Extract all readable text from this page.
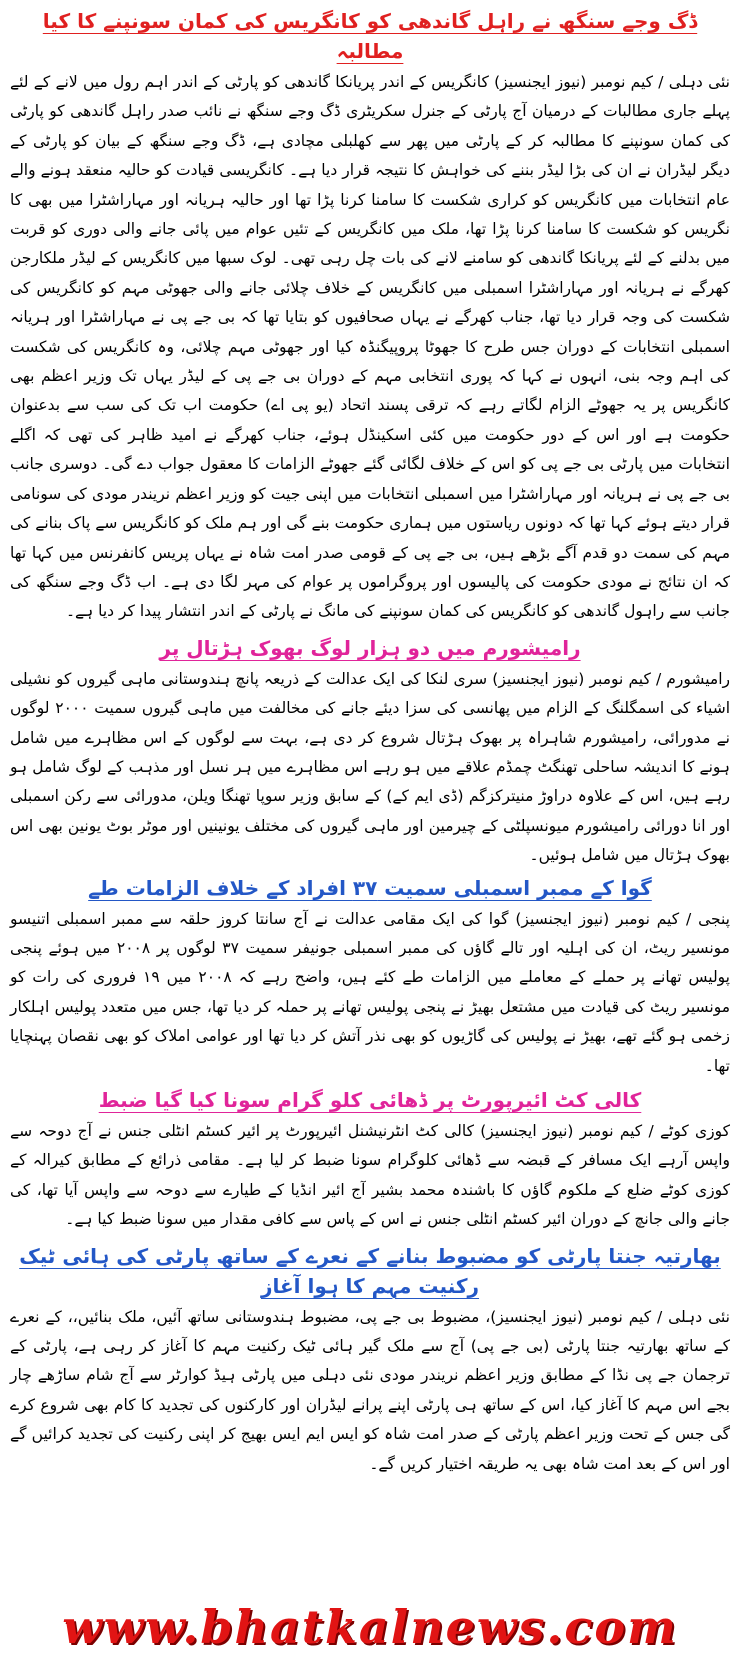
ڈگ وجے سنگھ نے راہل گاندھی کو کانگریس کی کمان سونپنے کا کیا مطالبہ

نئی دہلی / کیم نومبر (نیوز ایجنسیز) کانگریس کے اندر پریانکا گاندھی کو پارٹی کے اندر اہم رول میں لانے کے لئے پہلے جاری مطالبات کے درمیان آج پارٹی کے جنرل سکریٹری ڈگ وجے سنگھ نے نائب صدر راہل گاندھی کو پارٹی کی کمان سونپنے کا مطالبہ کر کے پارٹی میں پھر سے کھلبلی مچادی ہے، ڈگ وجے سنگھ کے بیان کو پارٹی کے دیگر لیڈران نے ان کی بڑا لیڈر بننے کی خواہش کا نتیجہ قرار دیا ہے۔ کانگریسی قیادت کو حالیہ منعقد ہونے والے عام انتخابات میں کانگریس کو کراری شکست کا سامنا کرنا پڑا تھا اور حالیہ ہریانہ اور مہاراشٹرا میں بھی کا نگریس کو شکست کا سامنا کرنا پڑا تھا، ملک میں کانگریس کے تئیں عوام میں پائی جانے والی دوری کو قربت میں بدلنے کے لئے پریانکا گاندھی کو سامنے لانے کی بات چل رہی تھی۔ لوک سبھا میں کانگریس کے لیڈر ملکارجن کھرگے نے ہریانہ اور مہاراشٹرا اسمبلی میں کانگریس کے خلاف چلائی جانے والی جھوٹی مہم کو کانگریس کی شکست کی وجہ قرار دیا تھا، جناب کھرگے نے یہاں صحافیوں کو بتایا تھا کہ بی جے پی نے مہاراشٹرا اور ہریانہ اسمبلی انتخابات کے دوران جس طرح کا جھوٹا پروپیگنڈہ کیا اور جھوٹی مہم چلائی، وہ کانگریس کی شکست کی اہم وجہ بنی، انہوں نے کہا کہ پوری انتخابی مہم کے دوران بی جے پی کے لیڈر یہاں تک وزیر اعظم بھی کانگریس پر یہ جھوٹے الزام لگاتے رہے کہ ترقی پسند اتحاد (یو پی اے) حکومت اب تک کی سب سے بدعنوان حکومت ہے اور اس کے دور حکومت میں کئی اسکینڈل ہوئے، جناب کھرگے نے امید ظاہر کی تھی کہ اگلے انتخابات میں پارٹی بی جے پی کو اس کے خلاف لگائی گئے جھوٹے الزامات کا معقول جواب دے گی۔ دوسری جانب بی جے پی نے ہریانہ اور مہاراشٹرا میں اسمبلی انتخابات میں اپنی جیت کو وزیر اعظم نریندر مودی کی سونامی قرار دیتے ہوئے کہا تھا کہ دونوں ریاستوں میں ہماری حکومت بنے گی اور ہم ملک کو کانگریس سے پاک بنانے کی مہم کی سمت دو قدم آگے بڑھے ہیں، بی جے پی کے قومی صدر امت شاہ نے یہاں پریس کانفرنس میں کہا تھا کہ ان نتائج نے مودی حکومت کی پالیسوں اور پروگراموں پر عوام کی مہر لگا دی ہے۔ اب ڈگ وجے سنگھ کی جانب سے راہول گاندھی کو کانگریس کی کمان سونپنے کی مانگ نے پارٹی کے اندر انتشار پیدا کر دیا ہے۔

رامیشورم میں دو ہزار لوگ بھوک ہڑتال پر

رامیشورم / کیم نومبر (نیوز ایجنسیز) سری لنکا کی ایک عدالت کے ذریعہ پانچ ہندوستانی ماہی گیروں کو نشیلی اشیاء کی اسمگلنگ کے الزام میں پھانسی کی سزا دیئے جانے کی مخالفت میں ماہی گیروں سمیت ۲۰۰۰ لوگوں نے مدورائی، رامیشورم شاہراہ پر بھوک ہڑتال شروع کر دی ہے، بہت سے لوگوں کے اس مظاہرے میں شامل ہونے کا اندیشہ ساحلی تھنگٹ چمڈم علاقے میں ہو رہے اس مظاہرے میں ہر نسل اور مذہب کے لوگ شامل ہو رہے ہیں، اس کے علاوہ دراوڑ منیترکزگم (ڈی ایم کے) کے سابق وزیر سوپا تھنگا ویلن، مدورائی سے رکن اسمبلی اور انا دورائی رامیشورم میونسپلٹی کے چیرمین اور ماہی گیروں کی مختلف یونینیں اور موٹر بوٹ یونین بھی اس بھوک ہڑتال میں شامل ہوئیں۔

گوا کے ممبر اسمبلی سمیت ۳۷ افراد کے خلاف الزامات طے

پنجی / کیم نومبر (نیوز ایجنسیز) گوا کی ایک مقامی عدالت نے آج سانتا کروز حلقہ سے ممبر اسمبلی اتنیسو مونسیر ریٹ، ان کی اہلیہ اور تالے گاؤں کی ممبر اسمبلی جونیفر سمیت ۳۷ لوگوں پر ۲۰۰۸ میں ہوئے پنجی پولیس تھانے پر حملے کے معاملے میں الزامات طے کئے ہیں، واضح رہے کہ ۲۰۰۸ میں ۱۹ فروری کی رات کو مونسیر ریٹ کی قیادت میں مشتعل بھیڑ نے پنجی پولیس تھانے پر حملہ کر دیا تھا، جس میں متعدد پولیس اہلکار زخمی ہو گئے تھے، بھیڑ نے پولیس کی گاڑیوں کو بھی نذر آتش کر دیا تھا اور عوامی املاک کو بھی نقصان پہنچایا تھا۔

کالی کٹ ائیرپورٹ پر ڈھائی کلو گرام سونا کیا گیا ضبط

کوزی کوٹے / کیم نومبر (نیوز ایجنسیز) کالی کٹ انٹرنیشنل ائیرپورٹ پر ائیر کسٹم انٹلی جنس نے آج دوحہ سے واپس آرہے ایک مسافر کے قبضہ سے ڈھائی کلوگرام سونا ضبط کر لیا ہے۔ مقامی ذرائع کے مطابق کیرالہ کے کوزی کوٹے ضلع کے ملکوم گاؤں کا باشندہ محمد بشیر آج ائیر انڈیا کے طیارے سے دوحہ سے واپس آیا تھا، کی جانے والی جانچ کے دوران ائیر کسٹم انٹلی جنس نے اس کے پاس سے کافی مقدار میں سونا ضبط کیا ہے۔

بھارتیہ جنتا پارٹی کو مضبوط بنانے کے نعرے کے ساتھ پارٹی کی ہائی ٹیک رکنیت مہم کا ہوا آغاز

نئی دہلی / کیم نومبر (نیوز ایجنسیز)، مضبوط بی جے پی، مضبوط ہندوستانی ساتھ آئیں، ملک بنائیں،، کے نعرے کے ساتھ بھارتیہ جنتا پارٹی (بی جے پی) آج سے ملک گیر ہائی ٹیک رکنیت مہم کا آغاز کر رہی ہے، پارٹی کے ترجمان جے پی نڈا کے مطابق وزیر اعظم نریندر مودی نئی دہلی میں پارٹی ہیڈ کوارٹر سے آج شام ساڑھے چار بجے اس مہم کا آغاز کیا، اس کے ساتھ ہی پارٹی اپنے پرانے لیڈران اور کارکنوں کی تجدید کا کام بھی شروع کرے گی جس کے تحت وزیر اعظم پارٹی کے صدر امت شاہ کو ایس ایم ایس بھیج کر اپنی رکنیت کی تجدید کرائیں گے اور اس کے بعد امت شاہ بھی یہ طریقہ اختیار کریں گے۔

www.bhatkalnews.com
